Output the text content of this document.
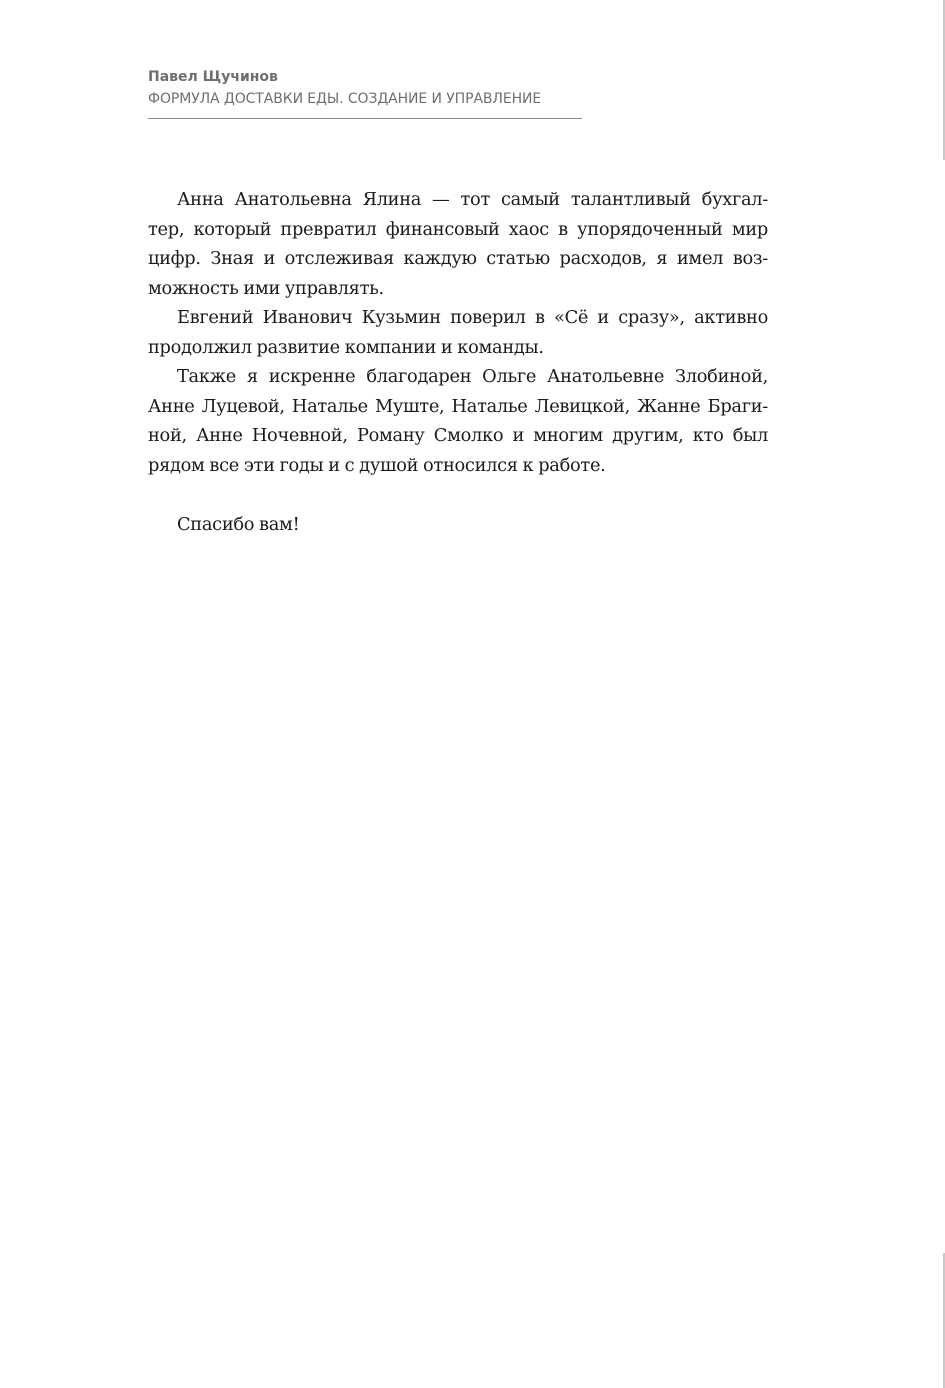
Павел Щучинов
ФОРМУЛА ДОСТАВКИ ЕДЫ. СОЗДАНИЕ И УПРАВЛЕНИЕ
Анна Анатольевна Ялина — тот самый талантливый бухгал-
тер, который превратил финансовый хаос в упорядоченный мир
цифр. Зная и отслеживая каждую статью расходов, я имел воз-
можность ими управлять.
Евгений Иванович Кузьмин поверил в «Сё и сразу», активно
продолжил развитие компании и команды.
Также я искренне благодарен Ольге Анатольевне Злобиной,
Анне Луцевой, Наталье Муште, Наталье Левицкой, Жанне Браги-
ной, Анне Ночевной, Роману Смолко и многим другим, кто был
рядом все эти годы и с душой относился к работе.
Спасибо вам!
